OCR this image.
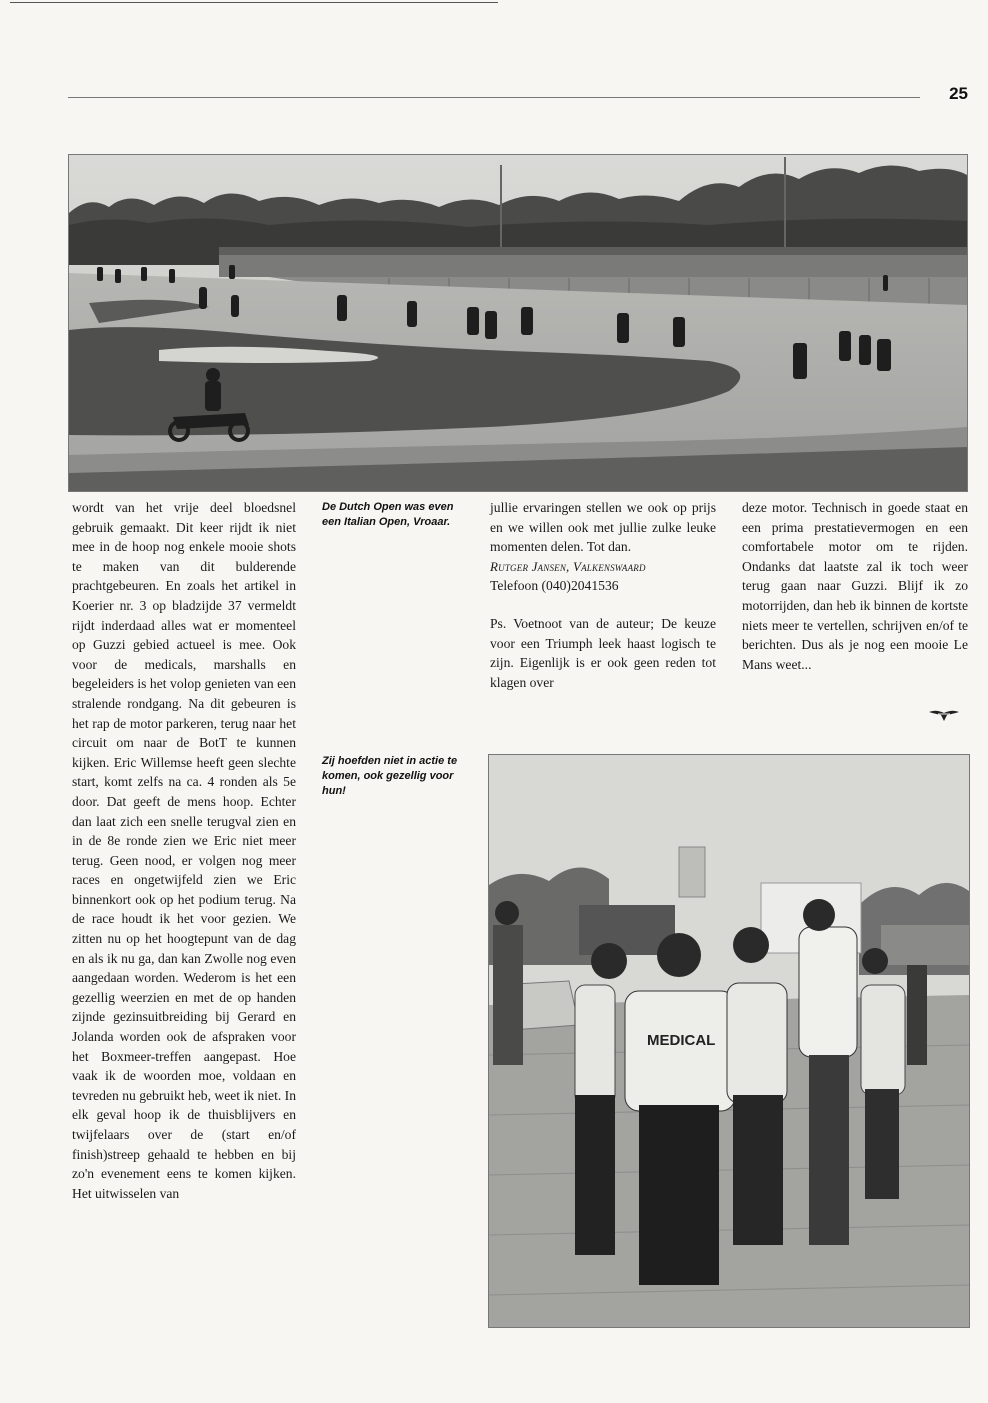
25

wordt van het vrije deel bloedsnel gebruik gemaakt. Dit keer rijdt ik niet mee in de hoop nog enkele mooie shots te maken van dit bulderende prachtgebeuren. En zoals het artikel in Koerier nr. 3 op bladzijde 37 vermeldt rijdt inderdaad alles wat er momenteel op Guzzi gebied actueel is mee. Ook voor de medicals, marshalls en begeleiders is het volop genieten van een stralende rondgang. Na dit gebeuren is het rap de motor parkeren, terug naar het circuit om naar de BotT te kunnen kijken. Eric Willemse heeft geen slechte start, komt zelfs na ca. 4 ronden als 5e door. Dat geeft de mens hoop. Echter dan laat zich een snelle terugval zien en in de 8e ronde zien we Eric niet meer terug. Geen nood, er volgen nog meer races en ongetwijfeld zien we Eric binnenkort ook op het podium terug. Na de race houdt ik het voor gezien. We zitten nu op het hoogtepunt van de dag en als ik nu ga, dan kan Zwolle nog even aangedaan worden. Wederom is het een gezellig weerzien en met de op handen zijnde gezinsuitbreiding bij Gerard en Jolanda worden ook de afspraken voor het Boxmeer-treffen aangepast. Hoe vaak ik de woorden moe, voldaan en tevreden nu gebruikt heb, weet ik niet. In elk geval hoop ik de thuisblijvers en twijfelaars over de (start en/of finish)streep gehaald te hebben en bij zo'n evenement eens te komen kijken. Het uitwisselen van

De Dutch Open was even een Italian Open, Vroaar.
Zij hoefden niet in actie te komen, ook gezellig voor hun!

jullie ervaringen stellen we ook op prijs en we willen ook met jullie zulke leuke momenten delen. Tot dan.

Rutger Jansen, Valkenswaard

Telefoon (040)2041536

Ps. Voetnoot van de auteur; De keuze voor een Triumph leek haast logisch te zijn. Eigenlijk is er ook geen reden tot klagen over

deze motor. Technisch in goede staat en een prima prestatievermogen en een comfortabele motor om te rijden. Ondanks dat laatste zal ik toch weer terug gaan naar Guzzi. Blijf ik zo motorrijden, dan heb ik binnen de kortste niets meer te vertellen, schrijven en/of te berichten. Dus als je nog een mooie Le Mans weet...

MEDICAL
